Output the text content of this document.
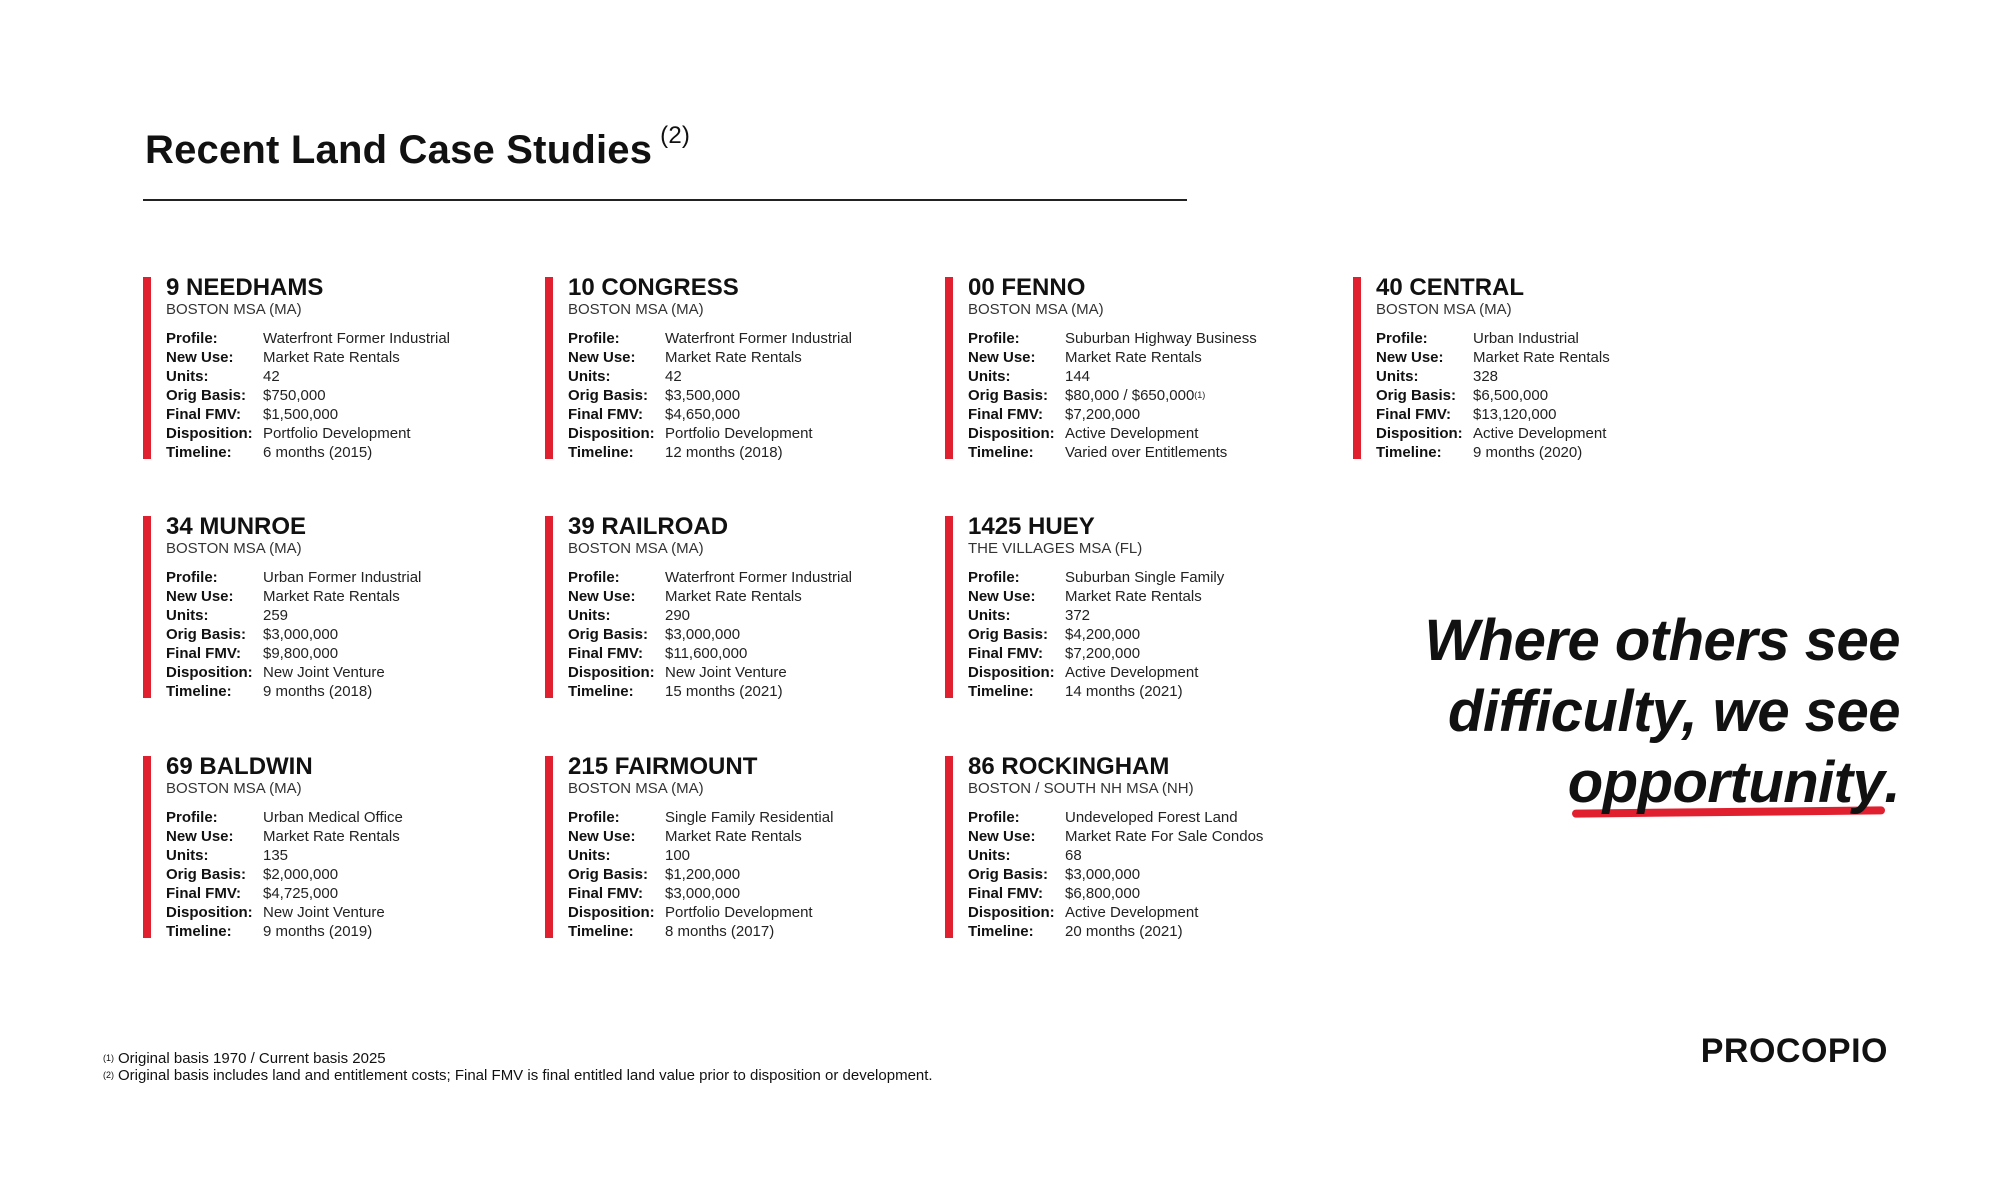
Recent Land Case Studies $^{(2)}$
9 NEEDHAMS
BOSTON MSA (MA)
Profile:	Waterfront Former Industrial
New Use:	Market Rate Rentals
Units:	42
Orig Basis:	$750,000
Final FMV:	$1,500,000
Disposition: Portfolio Development
Timeline:	6 months (2015)
10 CONGRESS
BOSTON MSA (MA)
Profile:	Waterfront Former Industrial
New Use:	Market Rate Rentals
Units:	42
Orig Basis:	$3,500,000
Final FMV:	$4,650,000
Disposition: Portfolio Development
Timeline:	12 months (2018)
00 FENNO
BOSTON MSA (MA)
Profile:	Suburban Highway Business
New Use:	Market Rate Rentals
Units:	144
Orig Basis:	$80,000 / $650,000$^{(1)}$
Final FMV:	$7,200,000
Disposition: Active Development
Timeline:	Varied over Entitlements
40 CENTRAL
BOSTON MSA (MA)
Profile:	Urban Industrial
New Use:	Market Rate Rentals
Units:	328
Orig Basis:	$6,500,000
Final FMV:	$13,120,000
Disposition: Active Development
Timeline:	9 months (2020)
34 MUNROE
BOSTON MSA (MA)
Profile:	Urban Former Industrial
New Use:	Market Rate Rentals
Units:	259
Orig Basis:	$3,000,000
Final FMV:	$9,800,000
Disposition: New Joint Venture
Timeline:	9 months (2018)
39 RAILROAD
BOSTON MSA (MA)
Profile:	Waterfront Former Industrial
New Use:	Market Rate Rentals
Units:	290
Orig Basis:	$3,000,000
Final FMV:	$11,600,000
Disposition: New Joint Venture
Timeline:	15 months (2021)
1425 HUEY
THE VILLAGES MSA (FL)
Profile:	Suburban Single Family
New Use:	Market Rate Rentals
Units:	372
Orig Basis:	$4,200,000
Final FMV:	$7,200,000
Disposition: Active Development
Timeline:	14 months (2021)
69 BALDWIN
BOSTON MSA (MA)
Profile:	Urban Medical Office
New Use:	Market Rate Rentals
Units:	135
Orig Basis:	$2,000,000
Final FMV:	$4,725,000
Disposition: New Joint Venture
Timeline:	9 months (2019)
215 FAIRMOUNT
BOSTON MSA (MA)
Profile:	Single Family Residential
New Use:	Market Rate Rentals
Units:	100
Orig Basis:	$1,200,000
Final FMV:	$3,000,000
Disposition: Portfolio Development
Timeline:	8 months (2017)
86 ROCKINGHAM
BOSTON / SOUTH NH MSA (NH)
Profile:	Undeveloped Forest Land
New Use:	Market Rate For Sale Condos
Units:	68
Orig Basis:	$3,000,000
Final FMV:	$6,800,000
Disposition: Active Development
Timeline:	20 months (2021)
Where others see
difficulty, we see
opportunity.
$^{(1)}$ Original basis 1970 / Current basis 2025
$^{(2)}$ Original basis includes land and entitlement costs; Final FMV is final entitled land value prior to disposition or development.
PROCOPIO
